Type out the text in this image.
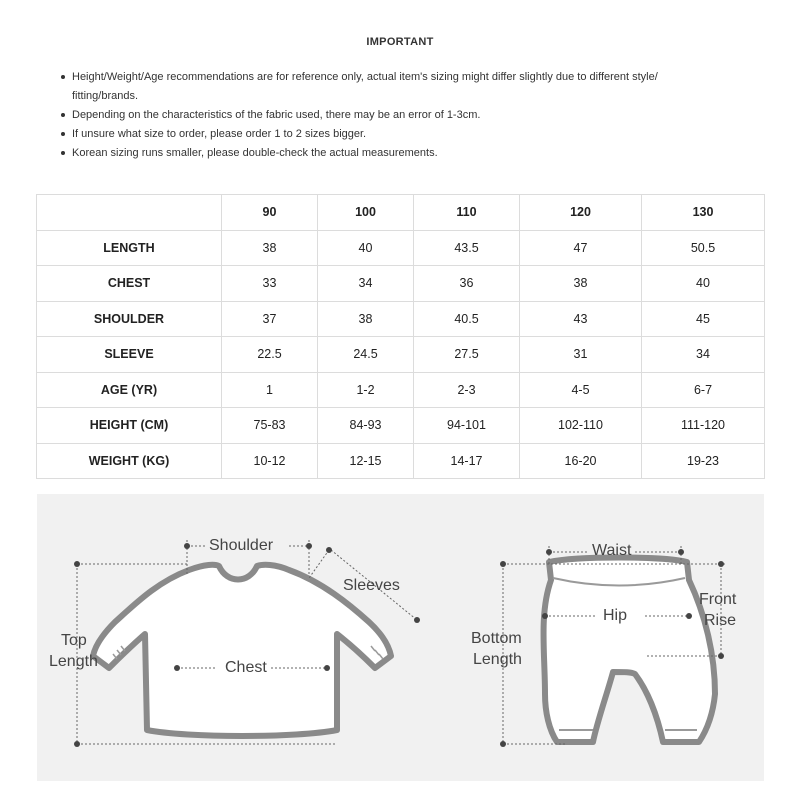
IMPORTANT
Height/Weight/Age recommendations are for reference only, actual item's sizing might differ slightly due to different style/
fitting/brands.
Depending on the characteristics of the fabric used, there may be an error of 1-3cm.
If unsure what size to order, please order 1 to 2 sizes bigger.
Korean sizing runs smaller, please double-check the actual measurements.
	90	100	110	120	130
LENGTH	38	40	43.5	47	50.5
CHEST	33	34	36	38	40
SHOULDER	37	38	40.5	43	45
SLEEVE	22.5	24.5	27.5	31	34
AGE (YR)	1	1-2	2-3	4-5	6-7
HEIGHT (CM)	75-83	84-93	94-101	102-110	111-120
WEIGHT (KG)	10-12	12-15	14-17	16-20	19-23
Shoulder
Sleeves
Top
Length	Chest
Waist
Front
Rise
Hip
Bottom
Length
